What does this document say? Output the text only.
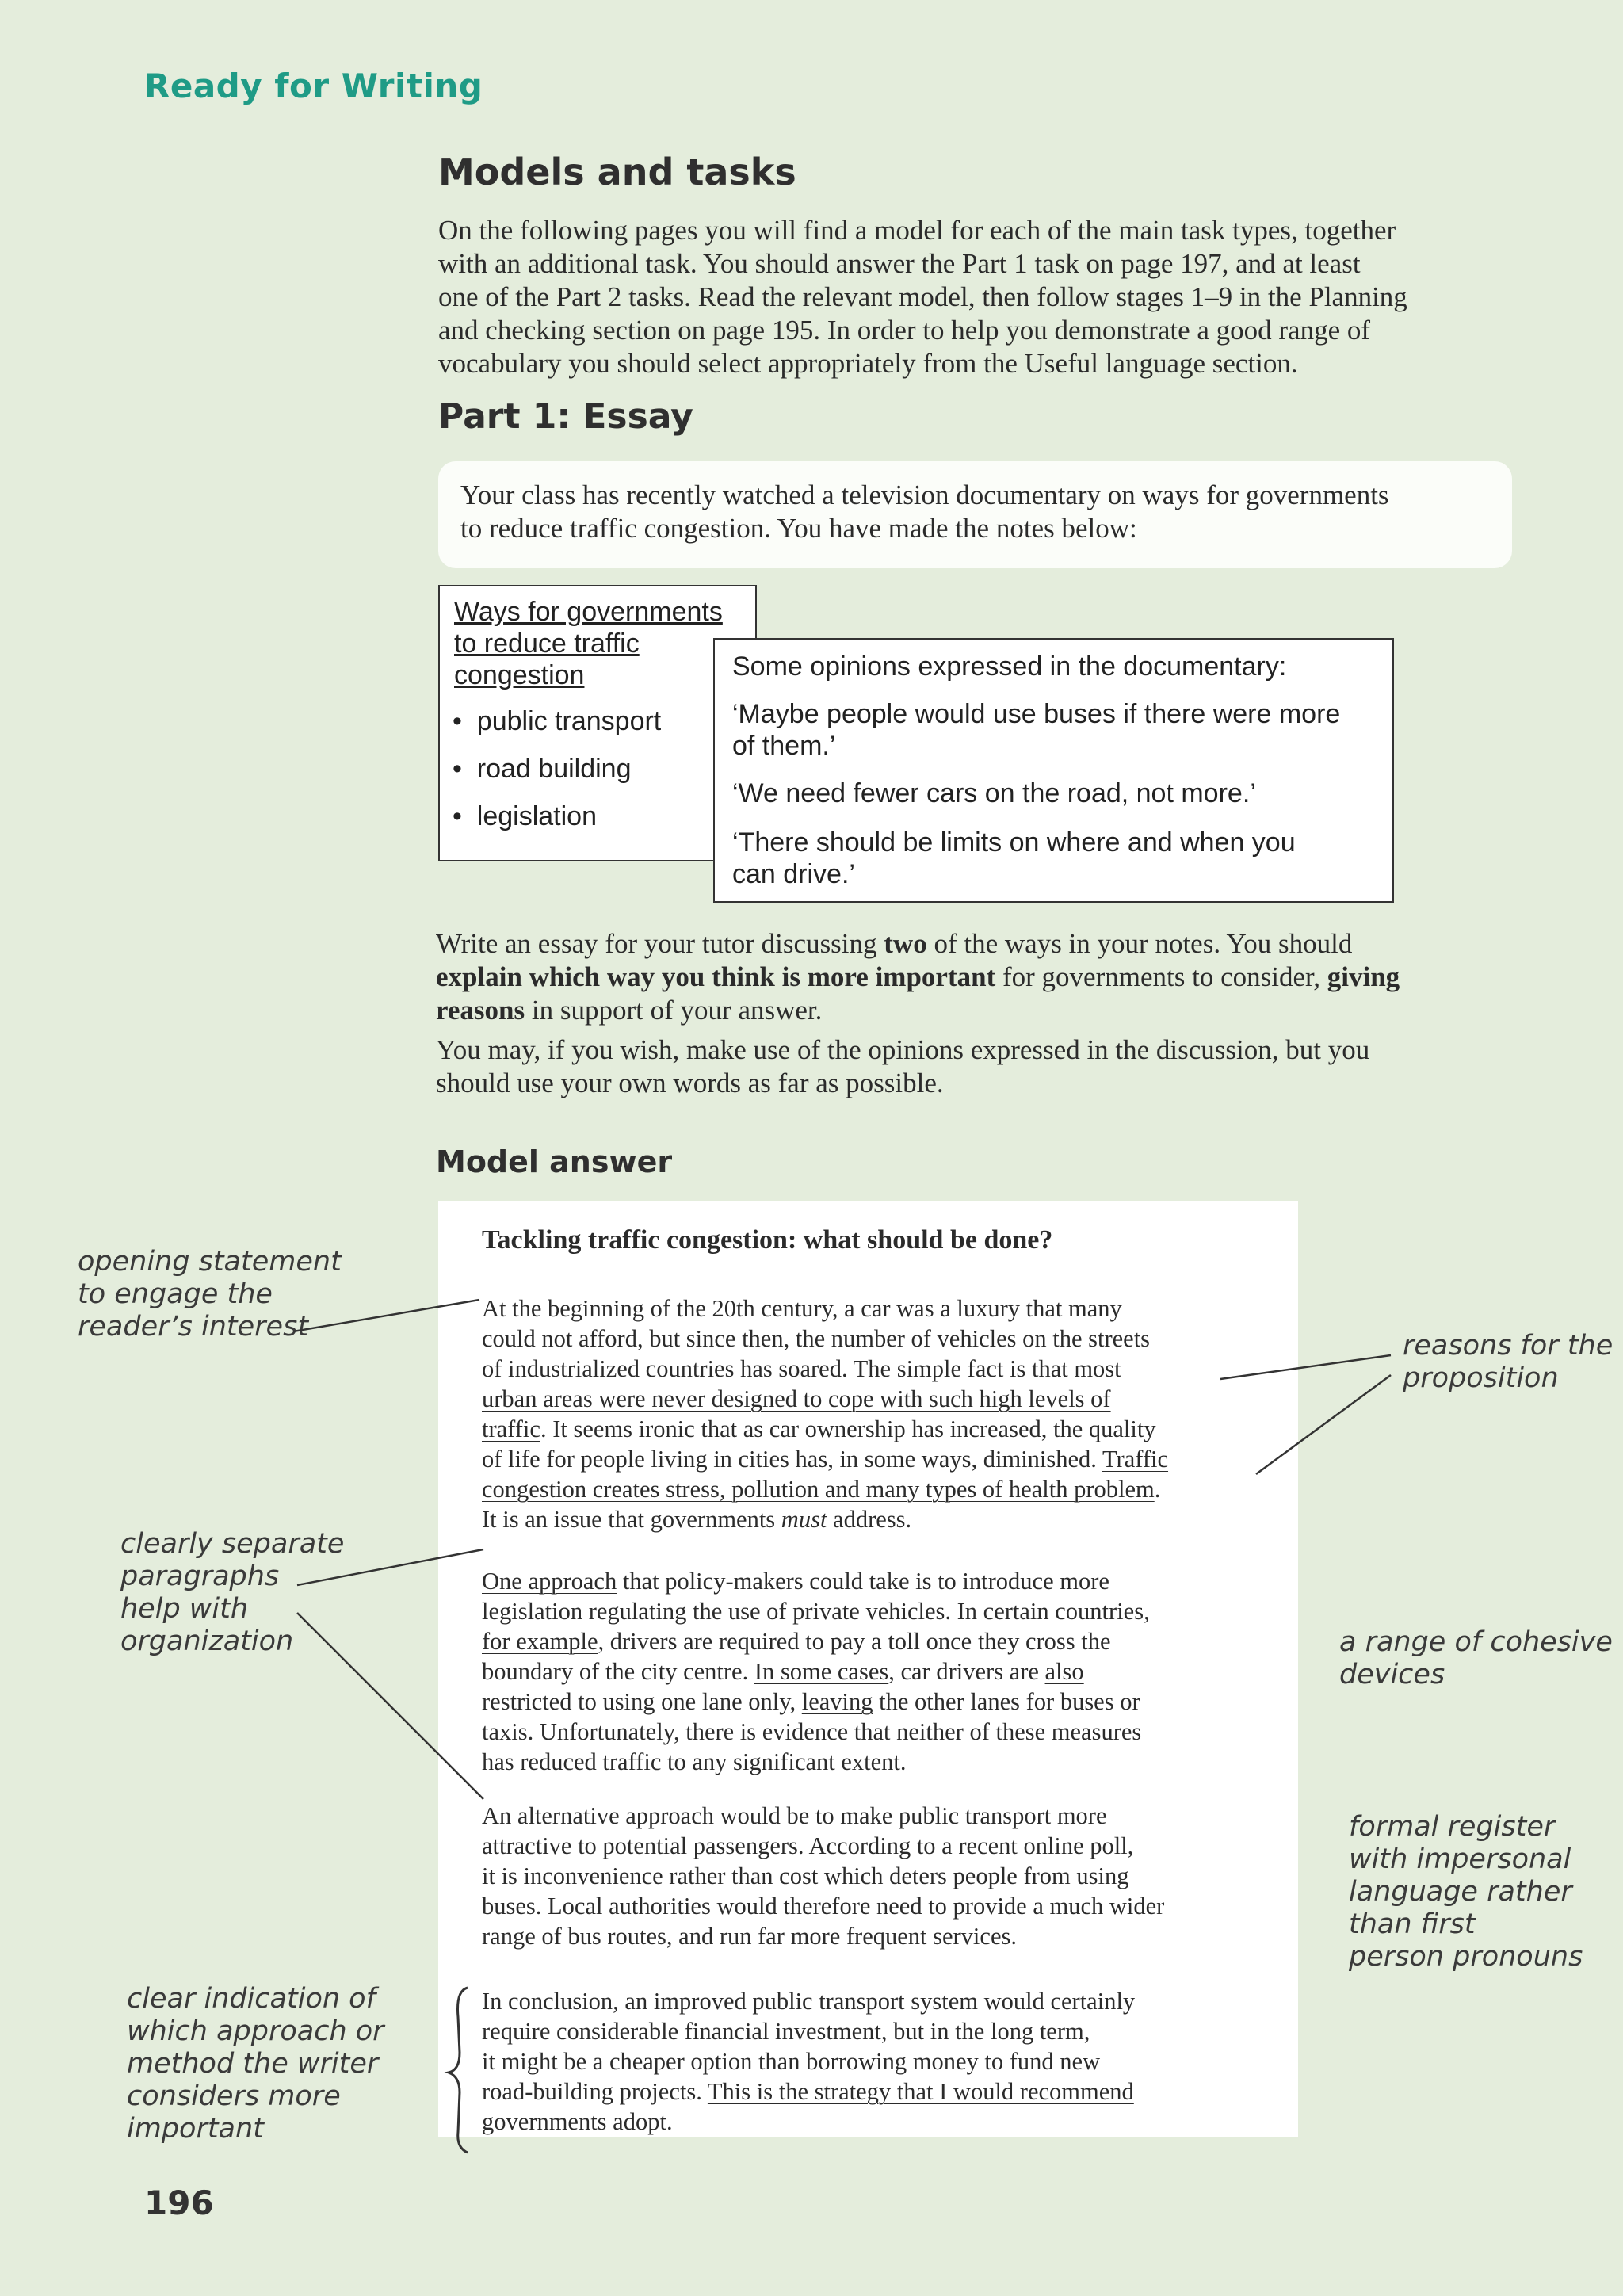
Ready for Writing
Models and tasks
On the following pages you will find a model for each of the main task types, together
with an additional task. You should answer the Part 1 task on page 197, and at least
one of the Part 2 tasks. Read the relevant model, then follow stages 1–9 in the Planning
and checking section on page 195. In order to help you demonstrate a good range of
vocabulary you should select appropriately from the Useful language section.
Part 1: Essay
Your class has recently watched a television documentary on ways for governments
to reduce traffic congestion. You have made the notes below:
Ways for governments
to reduce traffic
congestion
•  public transport
•  road building
•  legislation
Some opinions expressed in the documentary:
‘Maybe people would use buses if there were more
of them.’
‘We need fewer cars on the road, not more.’
‘There should be limits on where and when you
can drive.’
Write an essay for your tutor discussing two of the ways in your notes. You should
explain which way you think is more important for governments to consider, giving
reasons in support of your answer.
You may, if you wish, make use of the opinions expressed in the discussion, but you
should use your own words as far as possible.
Model answer
Tackling traffic congestion: what should be done?
At the beginning of the 20th century, a car was a luxury that many
could not afford, but since then, the number of vehicles on the streets
of industrialized countries has soared. The simple fact is that most
urban areas were never designed to cope with such high levels of
traffic. It seems ironic that as car ownership has increased, the quality
of life for people living in cities has, in some ways, diminished. Traffic
congestion creates stress, pollution and many types of health problem.
It is an issue that governments must address.
One approach that policy-makers could take is to introduce more
legislation regulating the use of private vehicles. In certain countries,
for example, drivers are required to pay a toll once they cross the
boundary of the city centre. In some cases, car drivers are also
restricted to using one lane only, leaving the other lanes for buses or
taxis. Unfortunately, there is evidence that neither of these measures
has reduced traffic to any significant extent.
An alternative approach would be to make public transport more
attractive to potential passengers. According to a recent online poll,
it is inconvenience rather than cost which deters people from using
buses. Local authorities would therefore need to provide a much wider
range of bus routes, and run far more frequent services.
In conclusion, an improved public transport system would certainly
require considerable financial investment, but in the long term,
it might be a cheaper option than borrowing money to fund new
road-building projects. This is the strategy that I would recommend
governments adopt.
opening statement
to engage the
reader’s interest
reasons for the
proposition
clearly separate
paragraphs
help with
organization	a range of cohesive
devices
formal register
with impersonal
language rather
than first
person pronouns
clear indication of
which approach or
method the writer
considers more
important
196
